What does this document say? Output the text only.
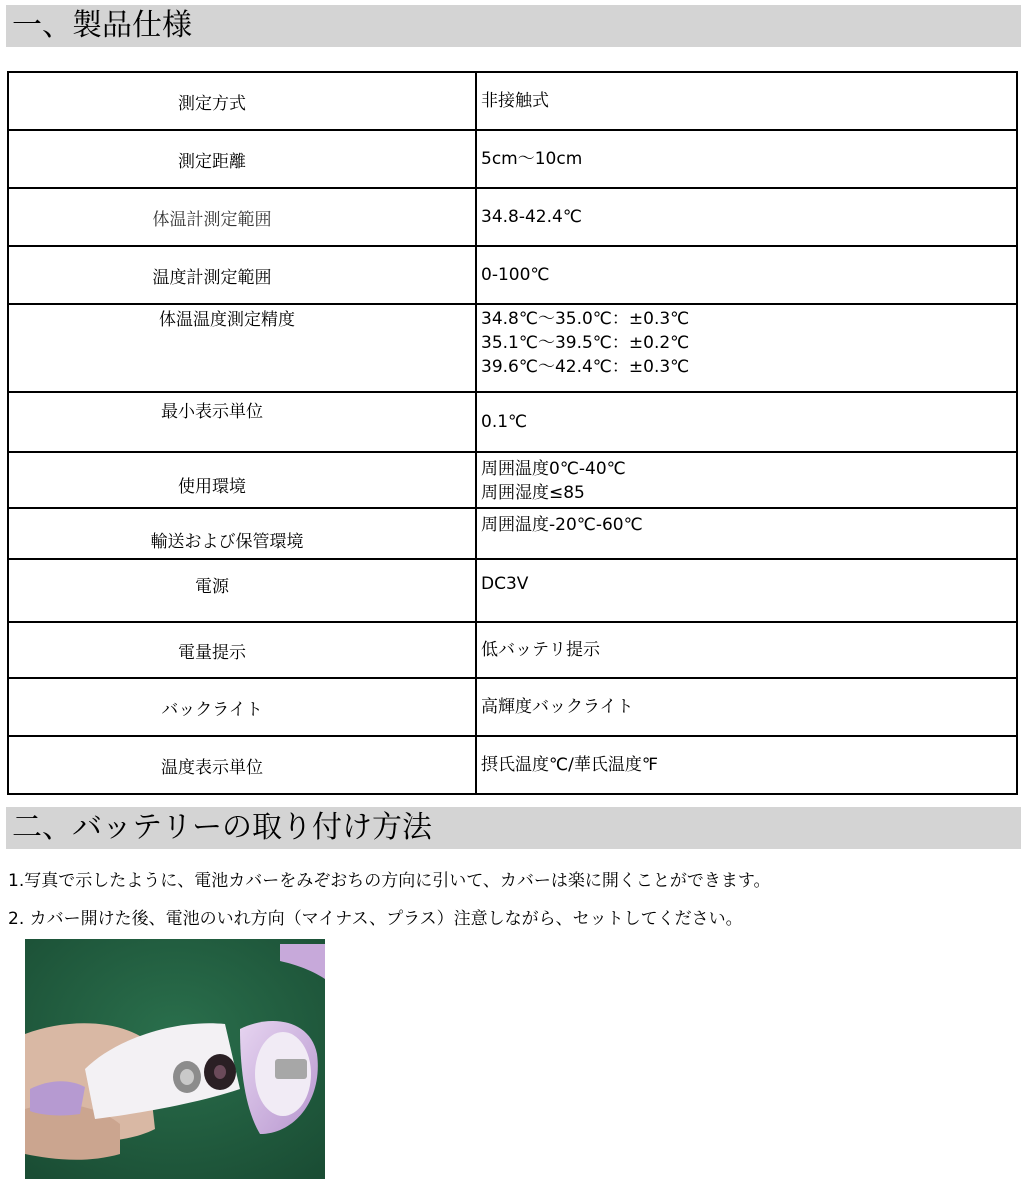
一、製品仕様
測定方式	非接触式

測定距離	5cm～10cm

体温計測定範囲	34.8-42.4℃

温度計測定範囲	0-100℃

体温温度測定精度	34.8℃～35.0℃：±0.3℃
35.1℃～39.5℃：±0.2℃
39.6℃～42.4℃：±0.3℃

最小表示単位	0.1℃

使用環境	周囲温度0℃-40℃
周囲湿度≤85

輸送および保管環境	周囲温度-20℃-60℃

電源	DC3V

電量提示	低バッテリ提示

バックライト	高輝度バックライト

温度表示単位	摂氏温度℃/華氏温度℉
二、バッテリーの取り付け方法
1.写真で示したように、電池カバーをみぞおちの方向に引いて、カバーは楽に開くことができます。
2. カバー開けた後、電池のいれ方向（マイナス、プラス）注意しながら、セットしてください。
